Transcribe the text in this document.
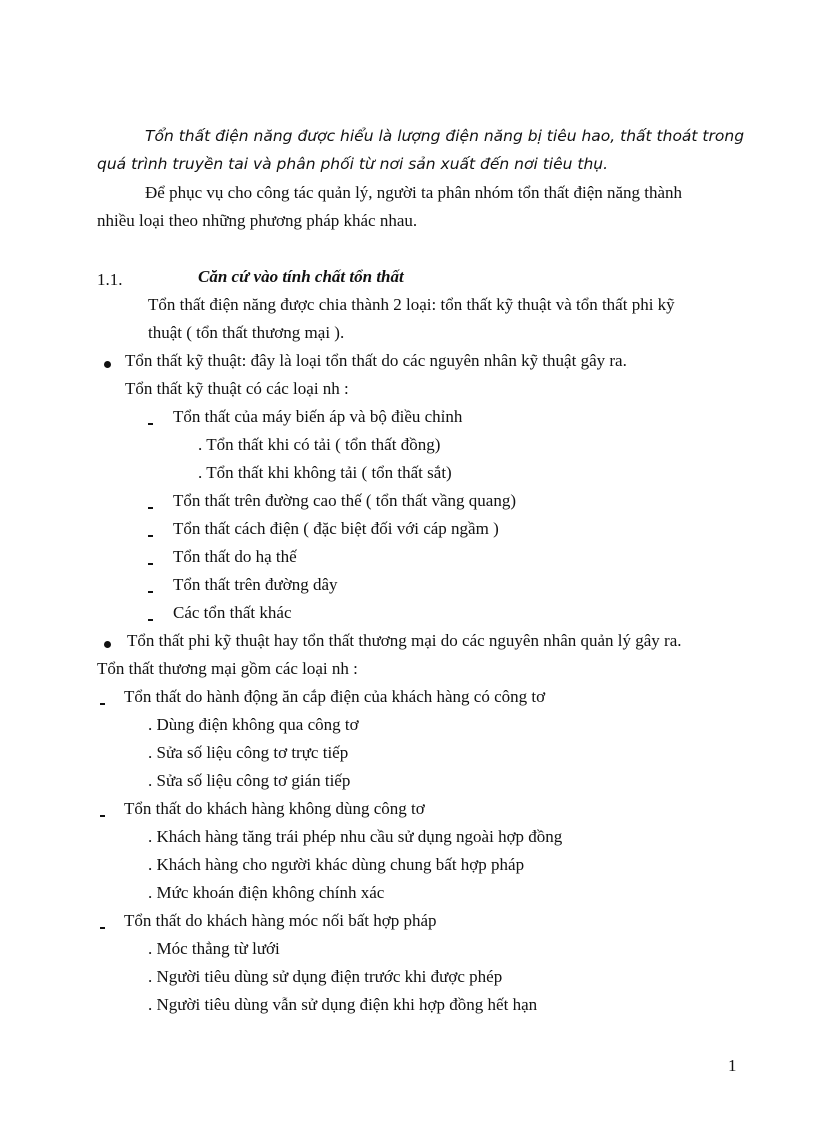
Tổn thất điện năng được hiểu là lượng điện năng bị tiêu hao, thất thoát trong
quá trình truyền tai và phân phối từ nơi sản xuất đến nơi tiêu thụ.
Để phục vụ cho công tác quản lý, người ta phân nhóm tổn thất điện năng thành
nhiều loại theo những phương pháp khác nhau.
1.1.	Căn cứ vào tính chất tổn thất
Tổn thất điện năng được chia thành 2 loại: tổn thất kỹ thuật và tổn thất phi kỹ
thuật ( tổn thất thương mại ).
Tổn thất kỹ thuật: đây là loại tổn thất do các nguyên nhân kỹ thuật gây ra.
Tổn thất kỹ thuật có các loại nh :
Tổn thất của máy biến áp và bộ điều chỉnh
. Tổn thất khi có tải ( tổn thất đồng)
. Tổn thất khi không tải ( tổn thất sắt)
Tổn thất trên đường cao thế ( tổn thất vầng quang)
Tổn thất cách điện ( đặc biệt đối với cáp ngầm )
Tổn thất do hạ thế
Tổn thất trên đường dây
Các tổn thất khác
Tổn thất phi kỹ thuật hay tổn thất thương mại do các nguyên nhân quản lý gây ra.
Tổn thất thương mại gồm các loại nh :
Tổn thất do hành động ăn cắp điện của khách hàng có công tơ
. Dùng điện không qua công tơ
. Sửa số liệu công tơ trực tiếp
. Sửa số liệu công tơ gián tiếp
Tổn thất do khách hàng không dùng công tơ
. Khách hàng tăng trái phép nhu cầu sử dụng ngoài hợp đồng
. Khách hàng cho người khác dùng chung bất hợp pháp
. Mức khoán điện không chính xác
Tổn thất do khách hàng móc nối bất hợp pháp
. Móc thẳng từ lưới
. Người tiêu dùng sử dụng điện trước khi được phép
. Người tiêu dùng vẫn sử dụng điện khi hợp đồng hết hạn
1
